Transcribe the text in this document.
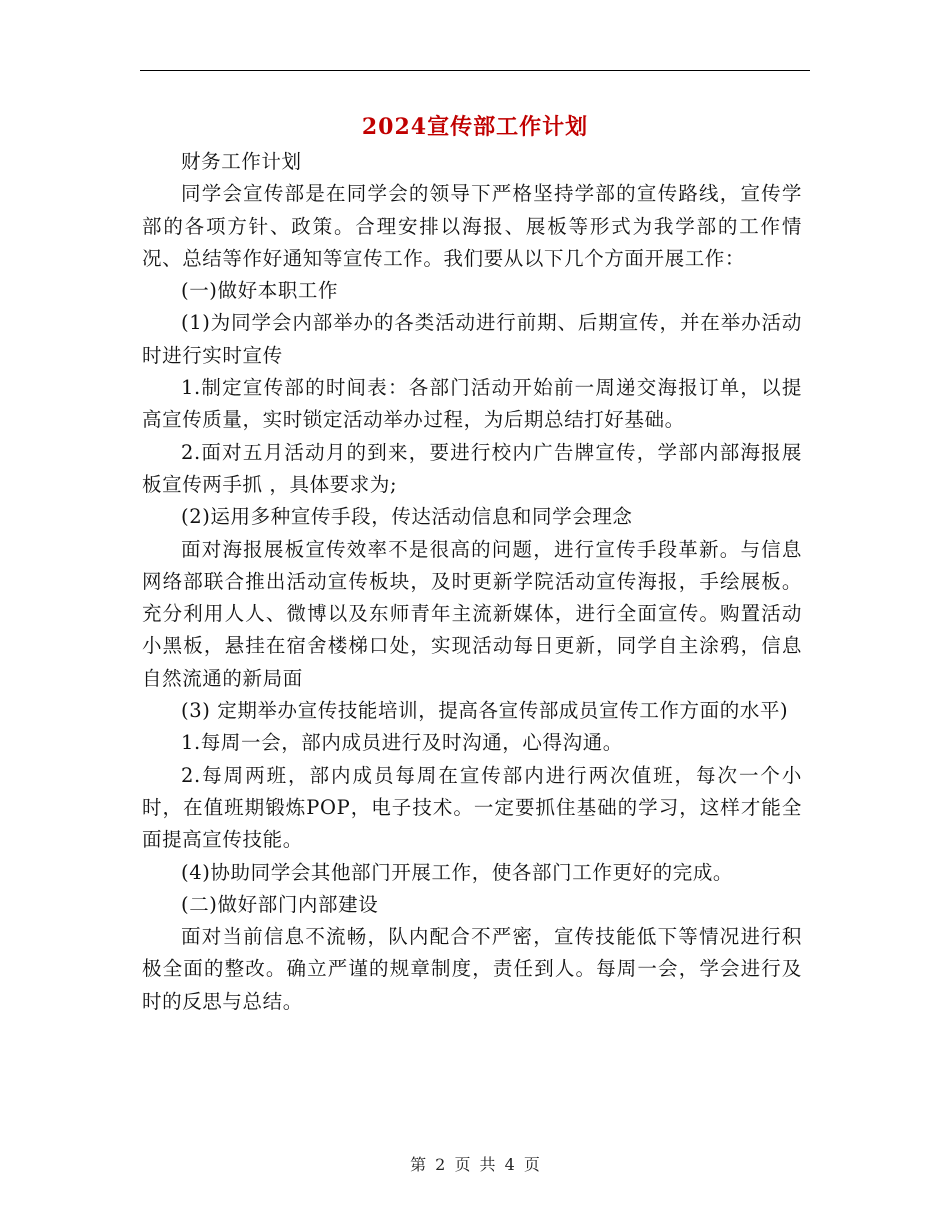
2024宣传部工作计划

财务工作计划

同学会宣传部是在同学会的领导下严格坚持学部的宣传路线，宣传学部的各项方针、政策。合理安排以海报、展板等形式为我学部的工作情况、总结等作好通知等宣传工作。我们要从以下几个方面开展工作：

(一)做好本职工作

(1)为同学会内部举办的各类活动进行前期、后期宣传，并在举办活动时进行实时宣传

1.制定宣传部的时间表：各部门活动开始前一周递交海报订单，以提高宣传质量，实时锁定活动举办过程，为后期总结打好基础。

2.面对五月活动月的到来，要进行校内广告牌宣传，学部内部海报展板宣传两手抓 ，具体要求为;

(2)运用多种宣传手段，传达活动信息和同学会理念

面对海报展板宣传效率不是很高的问题，进行宣传手段革新。与信息网络部联合推出活动宣传板块，及时更新学院活动宣传海报，手绘展板。充分利用人人、微博以及东师青年主流新媒体，进行全面宣传。购置活动小黑板，悬挂在宿舍楼梯口处，实现活动每日更新，同学自主涂鸦，信息自然流通的新局面

(3) 定期举办宣传技能培训，提高各宣传部成员宣传工作方面的水平)

1.每周一会，部内成员进行及时沟通，心得沟通。

2.每周两班，部内成员每周在宣传部内进行两次值班，每次一个小时，在值班期锻炼POP，电子技术。一定要抓住基础的学习，这样才能全面提高宣传技能。

(4)协助同学会其他部门开展工作，使各部门工作更好的完成。

(二)做好部门内部建设

面对当前信息不流畅，队内配合不严密，宣传技能低下等情况进行积极全面的整改。确立严谨的规章制度，责任到人。每周一会，学会进行及时的反思与总结。

第 2 页 共 4 页
